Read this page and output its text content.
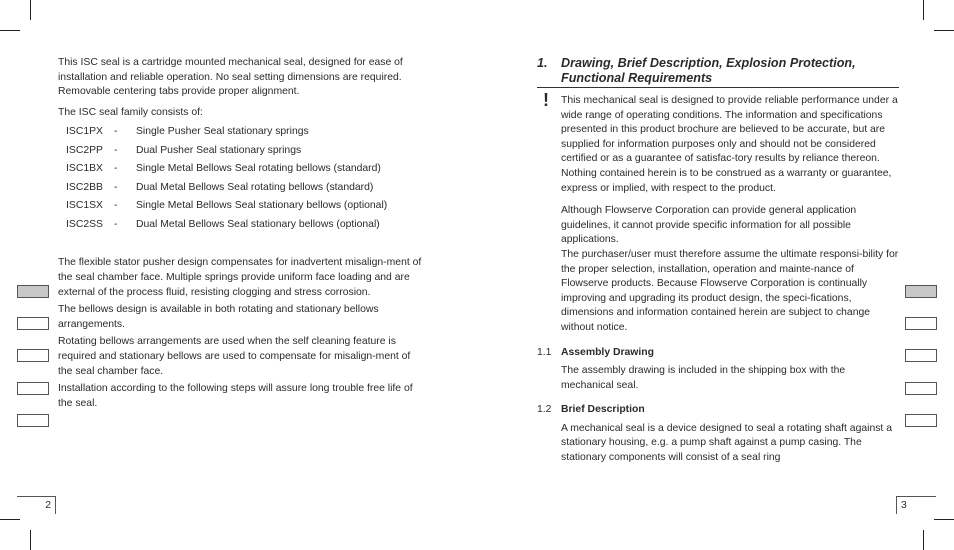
This ISC seal is a cartridge mounted mechanical seal, designed for ease of installation and reliable operation. No seal setting dimensions are required. Removable centering tabs provide proper alignment.

The ISC seal family consists of:

ISC1PX	-	Single Pusher Seal stationary springs
ISC2PP	-	Dual Pusher Seal stationary springs
ISC1BX	-	Single Metal Bellows Seal rotating bellows (standard)
ISC2BB	-	Dual Metal Bellows Seal rotating bellows (standard)
ISC1SX	-	Single Metal Bellows Seal stationary bellows (optional)
ISC2SS	-	Dual Metal Bellows Seal stationary bellows (optional)

The flexible stator pusher design compensates for inadvertent misalign-ment of the seal chamber face. Multiple springs provide uniform face loading and are external of the process fluid, resisting clogging and stress corrosion.

The bellows design is available in both rotating and stationary bellows arrangements.

Rotating bellows arrangements are used when the self cleaning feature is required and stationary bellows are used to compensate for misalign-ment of the seal chamber face.

Installation according to the following steps will assure long trouble free life of the seal.

2
1.	Drawing, Brief Description, Explosion Protection, Functional Requirements
! This mechanical seal is designed to provide reliable performance under a wide range of operating conditions. The information and specifications presented in this product brochure are believed to be accurate, but are supplied for information purposes only and should not be considered certified or as a guarantee of satisfac-tory results by reliance thereon. Nothing contained herein is to be construed as a warranty or guarantee, express or implied, with respect to the product.

Although Flowserve Corporation can provide general application guidelines, it cannot provide specific information for all possible applications.

The purchaser/user must therefore assume the ultimate responsi-bility for the proper selection, installation, operation and mainte-nance of Flowserve products. Because Flowserve Corporation is continually improving and upgrading its product design, the speci-fications, dimensions and information contained herein are subject to change without notice.

1.1 Assembly Drawing

The assembly drawing is included in the shipping box with the mechanical seal.

1.2 Brief Description

A mechanical seal is a device designed to seal a rotating shaft against a stationary housing, e.g. a pump shaft against a pump casing. The stationary components will consist of a seal ring

3
